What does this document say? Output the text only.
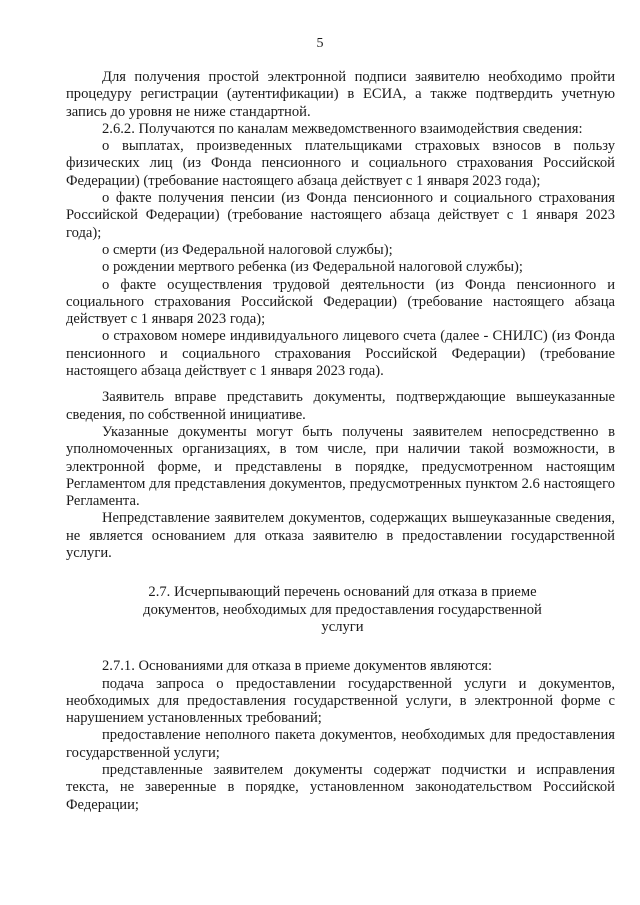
5

Для получения простой электронной подписи заявителю необходимо пройти процедуру регистрации (аутентификации) в ЕСИА, а также подтвердить учетную запись до уровня не ниже стандартной.

2.6.2. Получаются по каналам межведомственного взаимодействия сведения:

о выплатах, произведенных плательщиками страховых взносов в пользу физических лиц (из Фонда пенсионного и социального страхования Российской Федерации) (требование настоящего абзаца действует с 1 января 2023 года);

о факте получения пенсии (из Фонда пенсионного и социального страхования Российской Федерации) (требование настоящего абзаца действует с 1 января 2023 года);

о смерти (из Федеральной налоговой службы);

о рождении мертвого ребенка (из Федеральной налоговой службы);

о факте осуществления трудовой деятельности (из Фонда пенсионного и социального страхования Российской Федерации) (требование настоящего абзаца действует с 1 января 2023 года);

о страховом номере индивидуального лицевого счета (далее - СНИЛС) (из Фонда пенсионного и социального страхования Российской Федерации) (требование настоящего абзаца действует с 1 января 2023 года).

Заявитель вправе представить документы, подтверждающие вышеуказанные сведения, по собственной инициативе.

Указанные документы могут быть получены заявителем непосредственно в уполномоченных организациях, в том числе, при наличии такой возможности, в электронной форме, и представлены в порядке, предусмотренном настоящим Регламентом для представления документов, предусмотренных пунктом 2.6 настоящего Регламента.

Непредставление заявителем документов, содержащих вышеуказанные сведения, не является основанием для отказа заявителю в предоставлении государственной услуги.

2.7. Исчерпывающий перечень оснований для отказа в приеме документов, необходимых для предоставления государственной услуги

2.7.1. Основаниями для отказа в приеме документов являются:

подача запроса о предоставлении государственной услуги и документов, необходимых для предоставления государственной услуги, в электронной форме с нарушением установленных требований;

предоставление неполного пакета документов, необходимых для предоставления государственной услуги;

представленные заявителем документы содержат подчистки и исправления текста, не заверенные в порядке, установленном законодательством Российской Федерации;
